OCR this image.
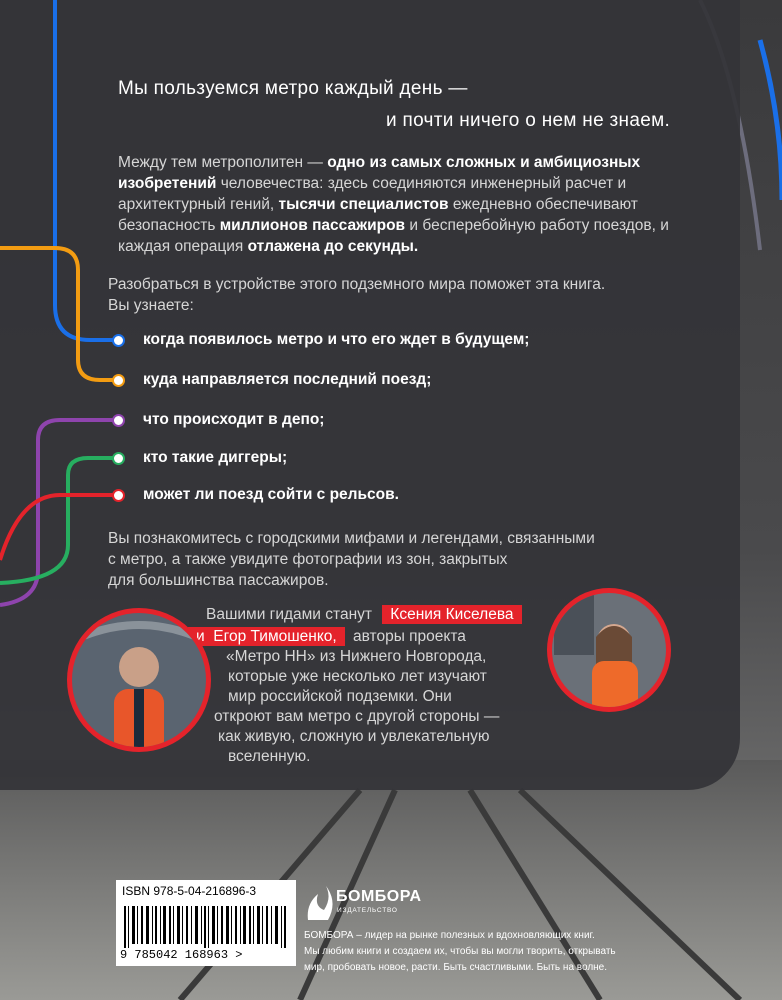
Мы пользуемся метро каждый день —
и почти ничего о нем не знаем.
Между тем метрополитен — одно из самых сложных и амбициозных изобретений человечества: здесь соединяются инженерный расчет и архитектурный гений, тысячи специалистов ежедневно обеспечивают безопасность миллионов пассажиров и бесперебойную работу поездов, и каждая операция отлажена до секунды.
Разобраться в устройстве этого подземного мира поможет эта книга.
Вы узнаете:
когда появилось метро и что его ждет в будущем;
куда направляется последний поезд;
что происходит в депо;
кто такие диггеры;
может ли поезд сойти с рельсов.
Вы познакомитесь с городскими мифами и легендами, связанными
с метро, а также увидите фотографии из зон, закрытых
для большинства пассажиров.
Вашими гидами станут Ксения Киселева
и Егор Тимошенко, авторы проекта
«Метро НН» из Нижнего Новгорода,
которые уже несколько лет изучают
мир российской подземки. Они
откроют вам метро с другой стороны —
как живую, сложную и увлекательную
вселенную.
ISBN 978-5-04-216896-3
9 785042 168963 >
БОМБОРА
ИЗДАТЕЛЬСТВО
БОМБОРА – лидер на рынке полезных и вдохновляющих книг.
Мы любим книги и создаем их, чтобы вы могли творить, открывать
мир, пробовать новое, расти. Быть счастливыми. Быть на волне.
